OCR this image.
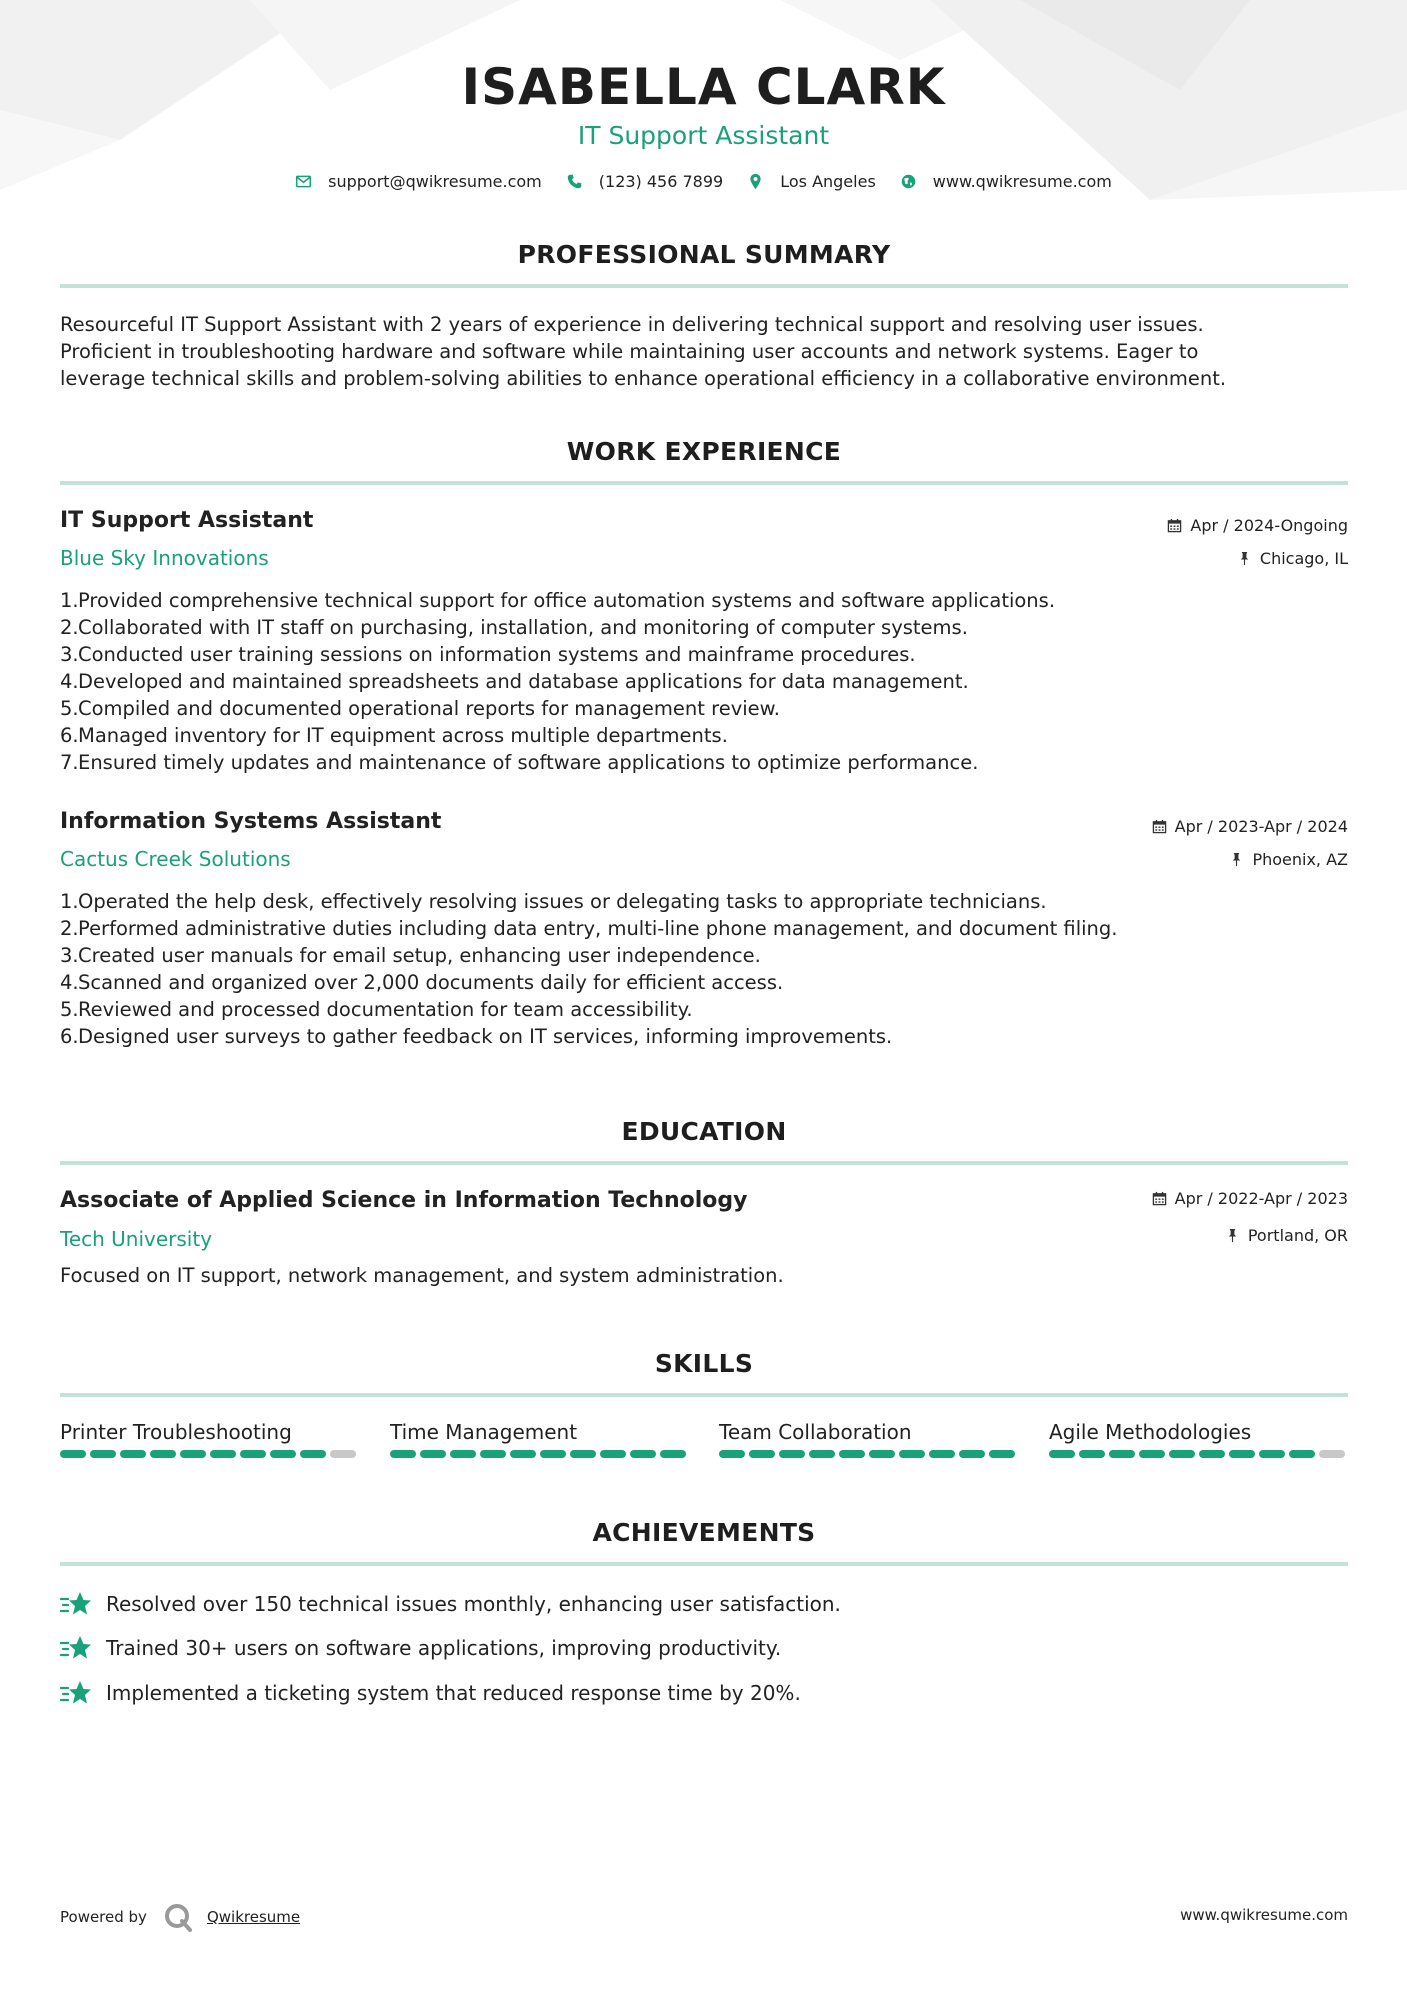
ISABELLA CLARK
IT Support Assistant
support@qwikresume.com	(123) 456 7899	Los Angeles	www.qwikresume.com
PROFESSIONAL SUMMARY
Resourceful IT Support Assistant with 2 years of experience in delivering technical support and resolving user issues.
Proficient in troubleshooting hardware and software while maintaining user accounts and network systems. Eager to
leverage technical skills and problem-solving abilities to enhance operational efficiency in a collaborative environment.
WORK EXPERIENCE
IT Support Assistant	Apr / 2024-Ongoing
Blue Sky Innovations	Chicago, IL
1. Provided comprehensive technical support for office automation systems and software applications.
2. Collaborated with IT staff on purchasing, installation, and monitoring of computer systems.
3. Conducted user training sessions on information systems and mainframe procedures.
4. Developed and maintained spreadsheets and database applications for data management.
5. Compiled and documented operational reports for management review.
6. Managed inventory for IT equipment across multiple departments.
7. Ensured timely updates and maintenance of software applications to optimize performance.
Information Systems Assistant	Apr / 2023-Apr / 2024
Cactus Creek Solutions	Phoenix, AZ
1. Operated the help desk, effectively resolving issues or delegating tasks to appropriate technicians.
2. Performed administrative duties including data entry, multi-line phone management, and document filing.
3. Created user manuals for email setup, enhancing user independence.
4. Scanned and organized over 2,000 documents daily for efficient access.
5. Reviewed and processed documentation for team accessibility.
6. Designed user surveys to gather feedback on IT services, informing improvements.
EDUCATION
Associate of Applied Science in Information Technology	Apr / 2022-Apr / 2023
Tech University	Portland, OR
Focused on IT support, network management, and system administration.
SKILLS
Printer Troubleshooting	Time Management	Team Collaboration	Agile Methodologies
ACHIEVEMENTS
Resolved over 150 technical issues monthly, enhancing user satisfaction.
Trained 30+ users on software applications, improving productivity.
Implemented a ticketing system that reduced response time by 20%.
Powered by	Qwikresume	www.qwikresume.com
